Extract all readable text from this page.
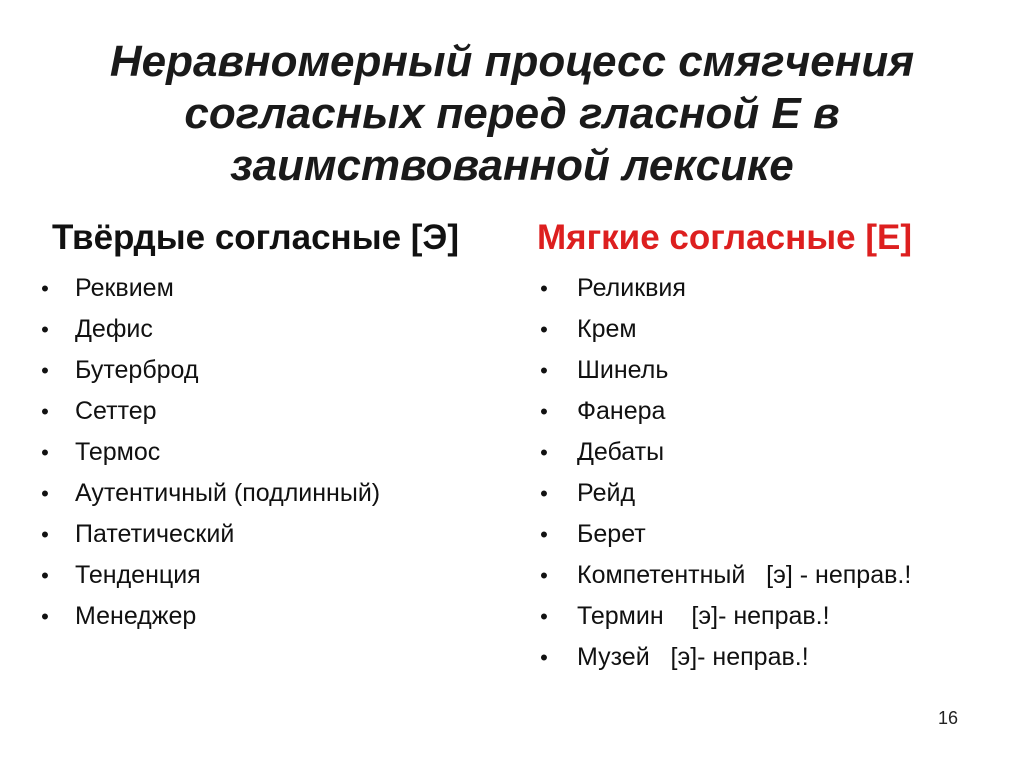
Неравномерный процесс смягчения
согласных перед гласной Е в
заимствованной лексике
Твёрдые согласные [Э]
• Реквием
• Дефис
• Бутерброд
• Сеттер
• Термос
• Аутентичный (подлинный)
• Патетический
• Тенденция
• Менеджер
Мягкие согласные [Е]
• Реликвия
• Крем
• Шинель
• Фанера
• Дебаты
• Рейд
• Берет
• Компетентный   [э] - неправ.!
• Термин    [э]- неправ.!
• Музей   [э]- неправ.!
16
